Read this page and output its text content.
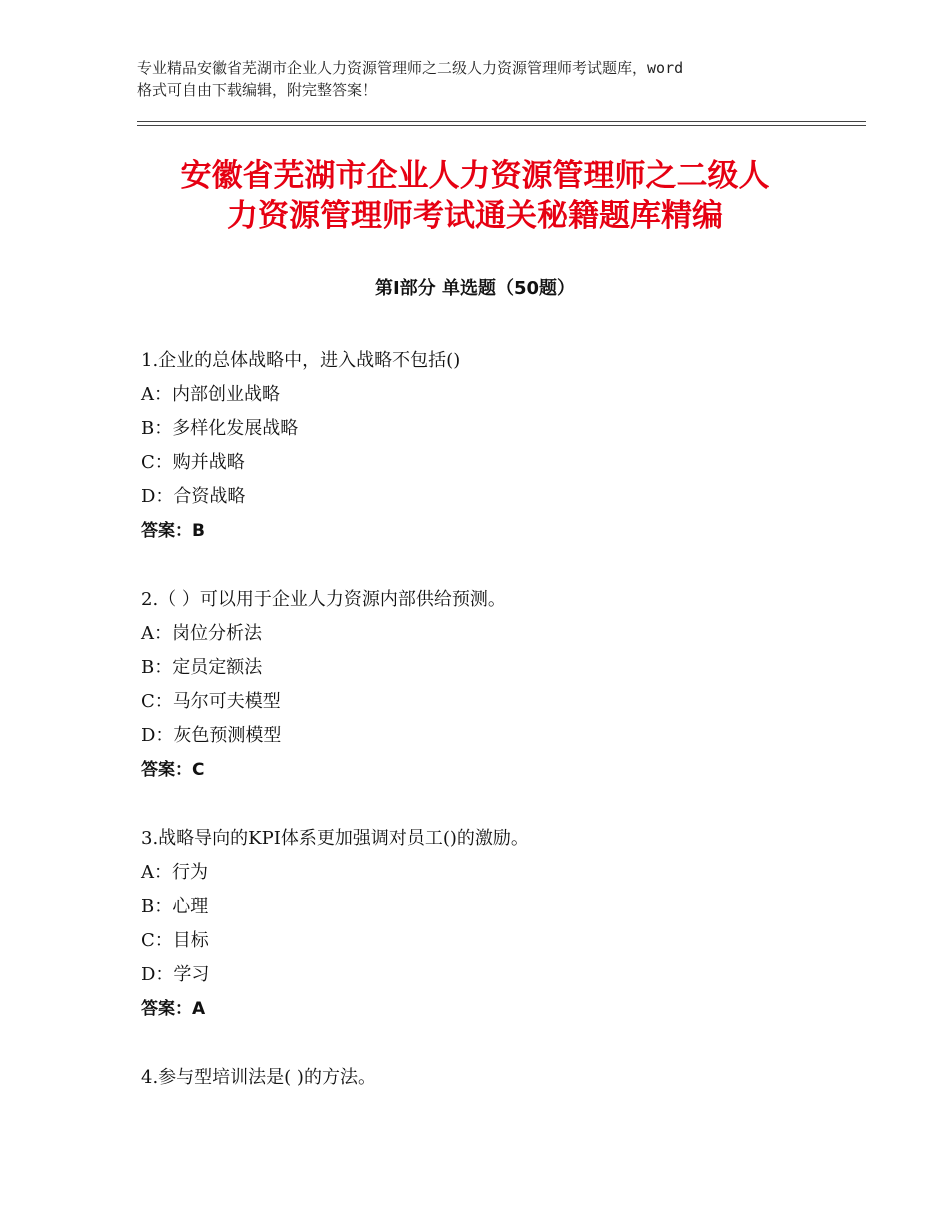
专业精品安徽省芜湖市企业人力资源管理师之二级人力资源管理师考试题库，word
格式可自由下载编辑，附完整答案！
安徽省芜湖市企业人力资源管理师之二级人
力资源管理师考试通关秘籍题库精编
第Ⅰ部分 单选题（50题）
1.企业的总体战略中，进入战略不包括()
A：内部创业战略
B：多样化发展战略
C：购并战略
D：合资战略
答案：B
2.（ ）可以用于企业人力资源内部供给预测。
A：岗位分析法
B：定员定额法
C：马尔可夫模型
D：灰色预测模型
答案：C
3.战略导向的KPI体系更加强调对员工()的激励。
A：行为
B：心理
C：目标
D：学习
答案：A
4.参与型培训法是( )的方法。
